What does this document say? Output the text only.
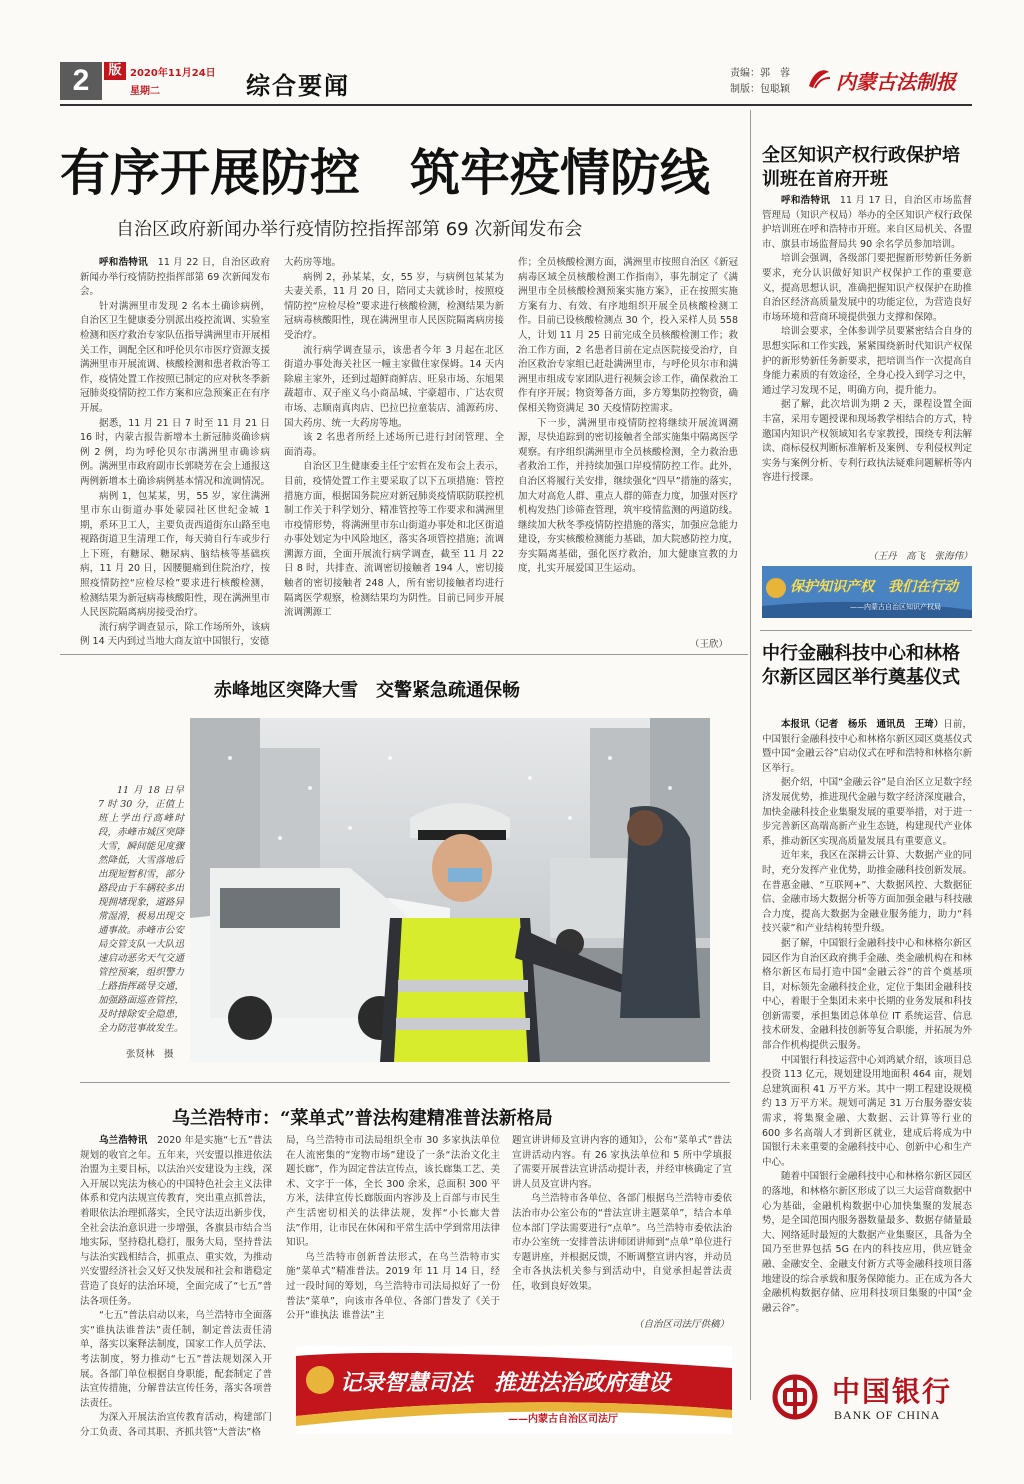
2	版 2020年11月24日
星期二	综合要闻	责编：郭　蓉
制版：包聪颖 内蒙古法制报
有序开展防控　筑牢疫情防线
自治区政府新闻办举行疫情防控指挥部第 69 次新闻发布会

呼和浩特讯　 11 月 22 日，自治区政府新闻办举行疫情防控指挥部第 69 次新闻发布会。

针对满洲里市发现 2 名本土确诊病例，自治区卫生健康委分别派出疫控流调、实验室检测和医疗救治专家队伍指导满洲里市开展相关工作，调配全区和呼伦贝尔市医疗资源支援满洲里市开展流调、核酸检测和患者救治等工作，疫情处置工作按照已制定的应对秋冬季新冠肺炎疫情防控工作方案和应急预案正在有序开展。

据悉，11 月 21 日 7 时至 11 月 21 日 16 时，内蒙古报告新增本土新冠肺炎确诊病例 2 例，均为呼伦贝尔市满洲里市确诊病例。满洲里市政府副市长郭晓芳在会上通报这两例新增本土确诊病例基本情况和流调情况。

病例 1，包某某，男，55 岁，家住满洲里市东山街道办事处蒙园社区世纪金城 1 期，系环卫工人，主要负责西道街东山路至电视路街道卫生清理工作，每天骑自行车或步行上下班，有糖尿、糖尿病、脑结核等基础疾病，11 月 20 日，因腰腿痛到住院治疗，按照疫情防控“应检尽检”要求进行核酸检测，检测结果为新冠病毒核酸阳性，现在满洲里市人民医院隔离病房接受治疗。

流行病学调查显示，除工作场所外，该病例 14 天内到过当地大商友谊中国银行，安德

大药房等地。

病例 2，孙某某，女，55 岁，与病例包某某为夫妻关系，11 月 20 日，陪同丈夫就诊时，按照疫情防控“应检尽检”要求进行核酸检测，检测结果为新冠病毒核酸阳性，现在满洲里市人民医院隔离病房接受治疗。

流行病学调查显示，该患者今年 3 月起在北区街道办事处海关社区一幢主家做住家保姆。14 天内除雇主家外，还到过超鲜商鲜店、旺泉市场、东旭果蔬超市、双子座义乌小商品城、宇豪超市、广达农贸市场、志顺南真肉店、巴拉巴拉童装店、浦源药房、国大药房、统一大药房等地。

该 2 名患者所经上述场所已进行封闭管理、全面消毒。

自治区卫生健康委主任宁宏哲在发布会上表示，目前，疫情处置工作主要采取了以下五项措施：管控措施方面，根据国务院应对新冠肺炎疫情联防联控机制工作关于科学划分、精准管控等工作要求和满洲里市疫情形势，将满洲里市东山街道办事处和北区街道办事处划定为中风险地区，落实各项管控措施；流调溯源方面，全面开展流行病学调查，截至 11 月 22 日 8 时，共排查、流调密切接触者 194 人，密切接触者的密切接触者 248 人，所有密切接触者均进行隔离医学观察，检测结果均为阴性。目前已同步开展流调溯源工

作；全员核酸检测方面，满洲里市按照自治区《新冠病毒区域全员核酸检测工作指南》，事先制定了《满洲里市全员核酸检测预案实施方案》，正在按照实施方案有力、有效、有序地组织开展全员核酸检测工作。目前已设核酸检测点 30 个，投入采样人员 558 人，计划 11 月 25 日前完成全员核酸检测工作；救治工作方面，2 名患者目前在定点医院接受治疗，自治区救治专家组已赶赴满洲里市，与呼伦贝尔市和满洲里市组成专家团队进行视频会诊工作，确保救治工作有序开展；物资筹备方面，多方筹集防控物资，确保相关物资满足 30 天疫情防控需求。

下一步，满洲里市疫情防控将继续开展流调溯源，尽快追踪到的密切接触者全部实施集中隔离医学观察。有序组织满洲里市全员核酸检测，全力救治患者救治工作，并持续加强口岸疫情防控工作。此外，自治区将履行关安排，继续强化“四早”措施的落实，加大对高危人群、重点人群的筛查力度，加强对医疗机构发热门诊筛查管理，筑牢疫情监测的两道防线。继续加大秋冬季疫情防控措施的落实，加强应急能力建设，夯实核酸检测能力基础，加大院感防控力度，夯实隔离基础，强化医疗救治，加大健康宣教的力度，扎实开展爱国卫生运动。

（王欣）
赤峰地区突降大雪　交警紧急疏通保畅

11 月 18 日早 7 时 30 分，正值上班上学出行高峰时段，赤峰市城区突降大雪，瞬间能见度骤然降低，大雪落地后出现短暂积雪，部分路段由于车辆较多出现拥堵现象，道路异常湿滑，极易出现交通事故。赤峰市公安局交管支队一大队迅速启动恶劣天气交通管控预案，组织警力上路指挥疏导交通，加强路面巡查管控，及时排除安全隐患，全力防范事故发生。

张贤林　摄
乌兰浩特市：“菜单式”普法构建精准普法新格局

乌兰浩特讯　 2020 年是实施“七五”普法规划的收官之年。五年来，兴安盟以推进依法治盟为主要目标，以法治兴安建设为主线，深入开展以宪法为核心的中国特色社会主义法律体系和党内法规宣传教育，突出重点抓普法，着眼依法治理抓落实，全民守法迈出新步伐，全社会法治意识进一步增强，各旗县市结合当地实际，坚持稳扎稳打，服务大局，坚持普法与法治实践相结合，抓重点、重实效，为推动兴安盟经济社会又好又快发展和社会和谐稳定营造了良好的法治环境，全面完成了“七五”普法各项任务。

“七五”普法启动以来，乌兰浩特市全面落实“谁执法谁普法”责任制，制定普法责任清单，落实以案释法制度，国家工作人员学法、考法制度，努力推动“七五”普法规划深入开展。各部门单位根据自身职能，配套制定了普法宣传措施，分解普法宣传任务，落实各项普法责任。

为深入开展法治宣传教育活动，构建部门分工负责、各司其职、齐抓共管“大普法”格

局，乌兰浩特市司法局组织全市 30 多家执法单位在人流密集的“宠物市场”建设了一条“法治文化主题长廊”，作为固定普法宣传点，该长廊集工艺、美术、文字于一体，全长 300 余米，总面积 300 平方米，法律宣传长廊版面内容涉及上百部与市民生产生活密切相关的法律法规，发挥“小长廊大普法”作用，让市民在休闲和平常生活中学到常用法律知识。

乌兰浩特市创新普法形式，在乌兰浩特市实施“菜单式”精准普法。2019 年 11 月 14 日，经过一段时间的筹划，乌兰浩特市司法局拟好了一份普法“菜单”，向该市各单位、各部门普发了《关于公开“谁执法 谁普法”主

题宣讲讲师及宣讲内容的通知》，公布“菜单式”普法宣讲活动内容。有 26 家执法单位和 5 所中学填报了需要开展普法宣讲活动提计表，并经审核确定了宣讲人员及宣讲内容。

乌兰浩特市各单位、各部门根据乌兰浩特市委依法治市办公室公布的“普法宣讲主题菜单”，结合本单位本部门学法需要进行“点单”。乌兰浩特市委依法治市办公室统一安排普法讲师团讲师到“点单”单位进行专题讲座，并根据反馈，不断调整宣讲内容，并动员全市各执法机关参与到活动中，自觉承担起普法责任，收到良好效果。

（自治区司法厅供稿）
记录智慧司法　推进法治政府建设
——内蒙古自治区司法厅
全区知识产权行政保护培训班在首府开班

呼和浩特讯　 11 月 17 日，自治区市场监督管理局（知识产权局）举办的全区知识产权行政保护培训班在呼和浩特市开班。来自区局机关、各盟市、旗县市场监督局共 90 余名学员参加培训。

培训会强调，各级部门要把握新形势新任务新要求，充分认识做好知识产权保护工作的重要意义，提高思想认识，准确把握知识产权保护在助推自治区经济高质量发展中的功能定位，为营造良好市场环境和营商环境提供强力支撑和保障。

培训会要求，全体参训学员要紧密结合自身的思想实际和工作实践，紧紧围绕新时代知识产权保护的新形势新任务新要求，把培训当作一次提高自身能力素质的有效途径，全身心投入到学习之中，通过学习发现不足，明确方向，提升能力。

据了解，此次培训为期 2 天，课程设置全面丰富，采用专题授课和现场教学相结合的方式，特邀国内知识产权领域知名专家教授，围绕专利法解读、商标侵权判断标准解析及案例、专利侵权判定实务与案例分析、专利行政执法疑难问题解析等内容进行授课。

（王丹　高飞　张海伟）
保护知识产权　我们在行动
——内蒙古自治区知识产权局
中行金融科技中心和林格尔新区园区举行奠基仪式

本报讯（记者　杨乐　通讯员　王琦）日前，中国银行金融科技中心和林格尔新区园区奠基仪式暨中国“金融云谷”启动仪式在呼和浩特和林格尔新区举行。

据介绍，中国“金融云谷”是自治区立足数字经济发展优势，推进现代金融与数字经济深度融合，加快金融科技企业集聚发展的重要举措，对于进一步完善新区高端高新产业生态链，构建现代产业体系，推动新区实现高质量发展具有重要意义。

近年来，我区在深耕云计算、大数据产业的同时，充分发挥产业优势，助推金融科技创新发展。在普惠金融、“互联网+”、大数据风控、大数据征信、金融市场大数据分析等方面加强金融与科技融合力度，提高大数据为金融业服务能力，助力“科技兴蒙”和产业结构转型升级。

据了解，中国银行金融科技中心和林格尔新区园区作为自治区政府携手金融、类金融机构在和林格尔新区布局打造中国“金融云谷”的首个奠基项目，对标领先金融科技企业，定位于集团金融科技中心，着眼于全集团未来中长期的业务发展和科技创新需要，承担集团总体单位 IT 系统运营、信息技术研发、金融科技创新等复合职能，并拓展为外部合作机构提供云服务。

中国银行科技运营中心刘鸿斌介绍，该项目总投资 113 亿元，规划建设用地面积 464 亩，规划总建筑面积 41 万平方米。其中一期工程建设规模约 13 万平方米。规划可满足 31 万台服务器安装需求，将集聚金融、大数据、云计算等行业的 600 多名高端人才到新区就业，建成后将成为中国银行未来重要的金融科技中心、创新中心和生产中心。

随着中国银行金融科技中心和林格尔新区园区的落地，和林格尔新区形成了以三大运营商数据中心为基础，金融机构数据中心加快集聚的发展态势，是全国范围内服务器数量最多、数据存储量最大、网络延时最短的大数据产业集聚区，具备为全国乃至世界包括 5G 在内的科技应用，供应链金融、金融安全、金融支付新方式等金融科技项目落地建设的综合承载和服务保障能力。正在成为各大金融机构数据存储、应用科技项目集聚的中国“金融云谷”。

中国银行
BANK OF CHINA
